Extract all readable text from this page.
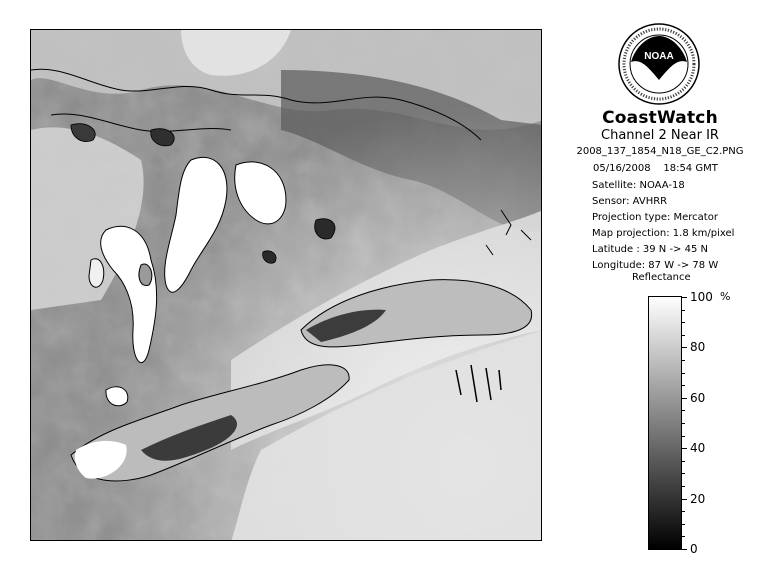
NOAA
CoastWatch
Channel 2 Near IR
2008_137_1854_N18_GE_C2.PNG
05/16/2008    18:54 GMT
Satellite: NOAA-18
Sensor: AVHRR
Projection type: Mercator
Map projection: 1.8 km/pixel
Latitude : 39 N -> 45 N
Longitude: 87 W -> 78 W
Reflectance
%
100
80
60
40
20
0
